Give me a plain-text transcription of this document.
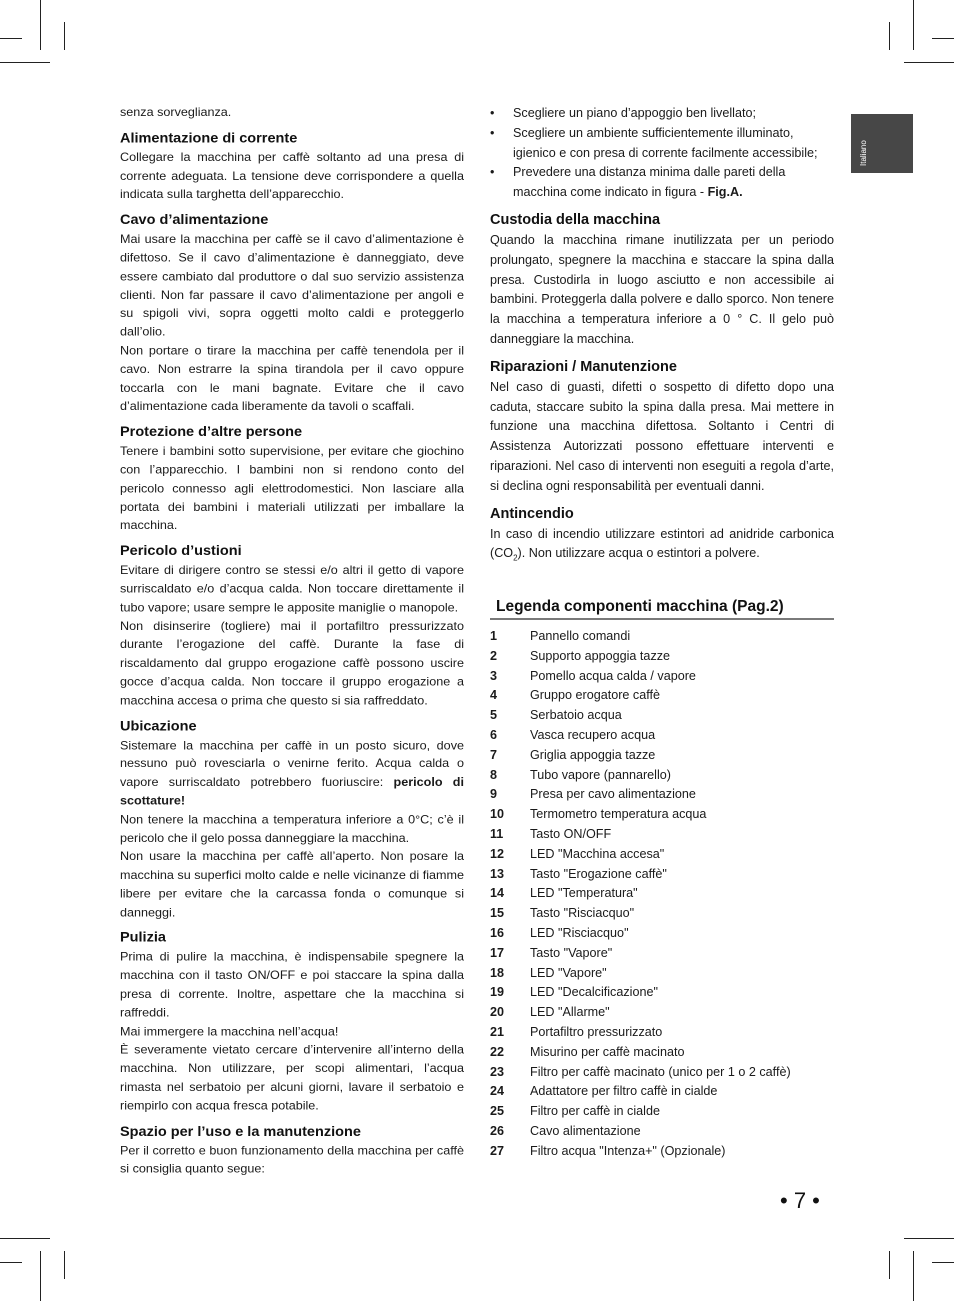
Italiano

senza sorveglianza.

Alimentazione di corrente

Collegare la macchina per caffè soltanto ad una presa di corrente adeguata. La tensione deve corrispondere a quella indicata sulla targhetta dell’apparecchio.

Cavo d’alimentazione

Mai usare la macchina per caffè se il cavo d’alimentazione è difettoso. Se il cavo d’alimentazione è danneggiato, deve essere cambiato dal produttore o dal suo servizio assistenza clienti. Non far passare il cavo d’alimentazione per angoli e su spigoli vivi, sopra oggetti molto caldi e proteggerlo dall’olio.

Non portare o tirare la macchina per caffè tenendola per il cavo. Non estrarre la spina tirandola per il cavo oppure toccarla con le mani bagnate. Evitare che il cavo d’alimentazione cada liberamente da tavoli o scaffali.

Protezione d’altre persone

Tenere i bambini sotto supervisione, per evitare che giochino con l’apparecchio. I bambini non si rendono conto del pericolo connesso agli elettrodomestici. Non lasciare alla portata dei bambini i materiali utilizzati per imballare la macchina.

Pericolo d’ustioni

Evitare di dirigere contro se stessi e/o altri il getto di vapore surriscaldato e/o d’acqua calda. Non toccare direttamente il tubo vapore; usare sempre le apposite maniglie o manopole.

Non disinserire (togliere) mai il portafiltro pressurizzato durante l’erogazione del caffè. Durante la fase di riscaldamento dal gruppo erogazione caffè possono uscire gocce d’acqua calda. Non toccare il gruppo erogazione a macchina accesa o prima che questo si sia raffreddato.

Ubicazione

Sistemare la macchina per caffè in un posto sicuro, dove nessuno può rovesciarla o venirne ferito. Acqua calda o vapore surriscaldato potrebbero fuoriuscire: pericolo di scottature!

Non tenere la macchina a temperatura inferiore a 0°C; c’è il pericolo che il gelo possa danneggiare la macchina.

Non usare la macchina per caffè all’aperto. Non posare la macchina su superfici molto calde e nelle vicinanze di fiamme libere per evitare che la carcassa fonda o comunque si danneggi.

Pulizia

Prima di pulire la macchina, è indispensabile spegnere la macchina con il tasto ON/OFF e poi staccare la spina dalla presa di corrente. Inoltre, aspettare che la macchina si raffreddi.

Mai immergere la macchina nell’acqua!

È severamente vietato cercare d’intervenire all’interno della macchina. Non utilizzare, per scopi alimentari, l’acqua rimasta nel serbatoio per alcuni giorni, lavare il serbatoio e riempirlo con acqua fresca potabile.

Spazio per l’uso e la manutenzione

Per il corretto e buon funzionamento della macchina per caffè si consiglia quanto segue:

• Scegliere un piano d’appoggio ben livellato;
• Scegliere un ambiente sufficientemente illuminato, igienico e con presa di corrente facilmente accessibile;
• Prevedere una distanza minima dalle pareti della macchina come indicato in figura - Fig.A.
Custodia della macchina

Quando la macchina rimane inutilizzata per un periodo prolungato, spegnere la macchina e staccare la spina dalla presa. Custodirla in luogo asciutto e non accessibile ai bambini. Proteggerla dalla polvere e dallo sporco. Non tenere la macchina a temperatura inferiore a 0 ° C. Il gelo può danneggiare la macchina.

Riparazioni / Manutenzione

Nel caso di guasti, difetti o sospetto di difetto dopo una caduta, staccare subito la spina dalla presa. Mai mettere in funzione una macchina difettosa. Soltanto i Centri di Assistenza Autorizzati possono effettuare interventi e riparazioni. Nel caso di interventi non eseguiti a regola d’arte, si declina ogni responsabilità per eventuali danni.

Antincendio

In caso di incendio utilizzare estintori ad anidride carbonica $(CO_2)$. Non utilizzare acqua o estintori a polvere.

Legenda componenti macchina (Pag.2)
1	Pannello comandi
2	Supporto appoggia tazze
3	Pomello acqua calda / vapore
4	Gruppo erogatore caffè
5	Serbatoio acqua
6	Vasca recupero acqua
7	Griglia appoggia tazze
8	Tubo vapore (pannarello)
9	Presa per cavo alimentazione
10	Termometro temperatura acqua
11	Tasto ON/OFF
12	LED "Macchina accesa"
13	Tasto "Erogazione caffè"
14	LED "Temperatura"
15	Tasto "Risciacquo"
16	LED "Risciacquo"
17	Tasto "Vapore"
18	LED "Vapore"
19	LED "Decalcificazione"
20	LED "Allarme"
21	Portafiltro pressurizzato
22	Misurino per caffè macinato
23	Filtro per caffè macinato (unico per 1 o 2 caffè)
24	Adattatore per filtro caffè in cialde
25	Filtro per caffè in cialde
26	Cavo alimentazione
27	Filtro acqua "Intenza+" (Opzionale)
• 7 •
